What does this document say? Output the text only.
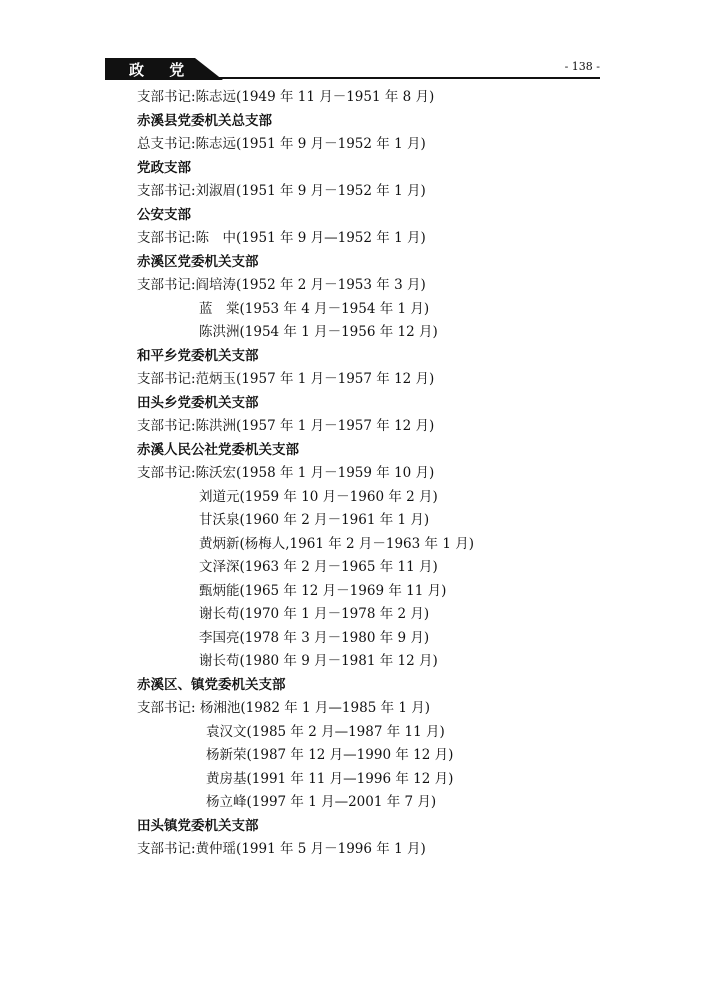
政 党	- 138 -
支部书记:陈志远(1949 年 11 月－1951 年 8 月)
赤溪县党委机关总支部
总支书记:陈志远(1951 年 9 月－1952 年 1 月)
党政支部
支部书记:刘淑眉(1951 年 9 月－1952 年 1 月)
公安支部
支部书记:陈　中(1951 年 9 月—1952 年 1 月)
赤溪区党委机关支部
支部书记:阎培涛(1952 年 2 月－1953 年 3 月)
蓝　棠(1953 年 4 月－1954 年 1 月)
陈洪洲(1954 年 1 月－1956 年 12 月)
和平乡党委机关支部
支部书记:范炳玉(1957 年 1 月－1957 年 12 月)
田头乡党委机关支部
支部书记:陈洪洲(1957 年 1 月－1957 年 12 月)
赤溪人民公社党委机关支部
支部书记:陈沃宏(1958 年 1 月－1959 年 10 月)
刘道元(1959 年 10 月－1960 年 2 月)
甘沃泉(1960 年 2 月－1961 年 1 月)
黄炳新(杨梅人,1961 年 2 月－1963 年 1 月)
文泽深(1963 年 2 月－1965 年 11 月)
甄炳能(1965 年 12 月－1969 年 11 月)
谢长苟(1970 年 1 月－1978 年 2 月)
李国亮(1978 年 3 月－1980 年 9 月)
谢长苟(1980 年 9 月－1981 年 12 月)
赤溪区、镇党委机关支部
支部书记: 杨湘池(1982 年 1 月—1985 年 1 月)
袁汉文(1985 年 2 月—1987 年 11 月)
杨新荣(1987 年 12 月—1990 年 12 月)
黄房基(1991 年 11 月—1996 年 12 月)
杨立峰(1997 年 1 月—2001 年 7 月)
田头镇党委机关支部
支部书记:黄仲瑶(1991 年 5 月－1996 年 1 月)
